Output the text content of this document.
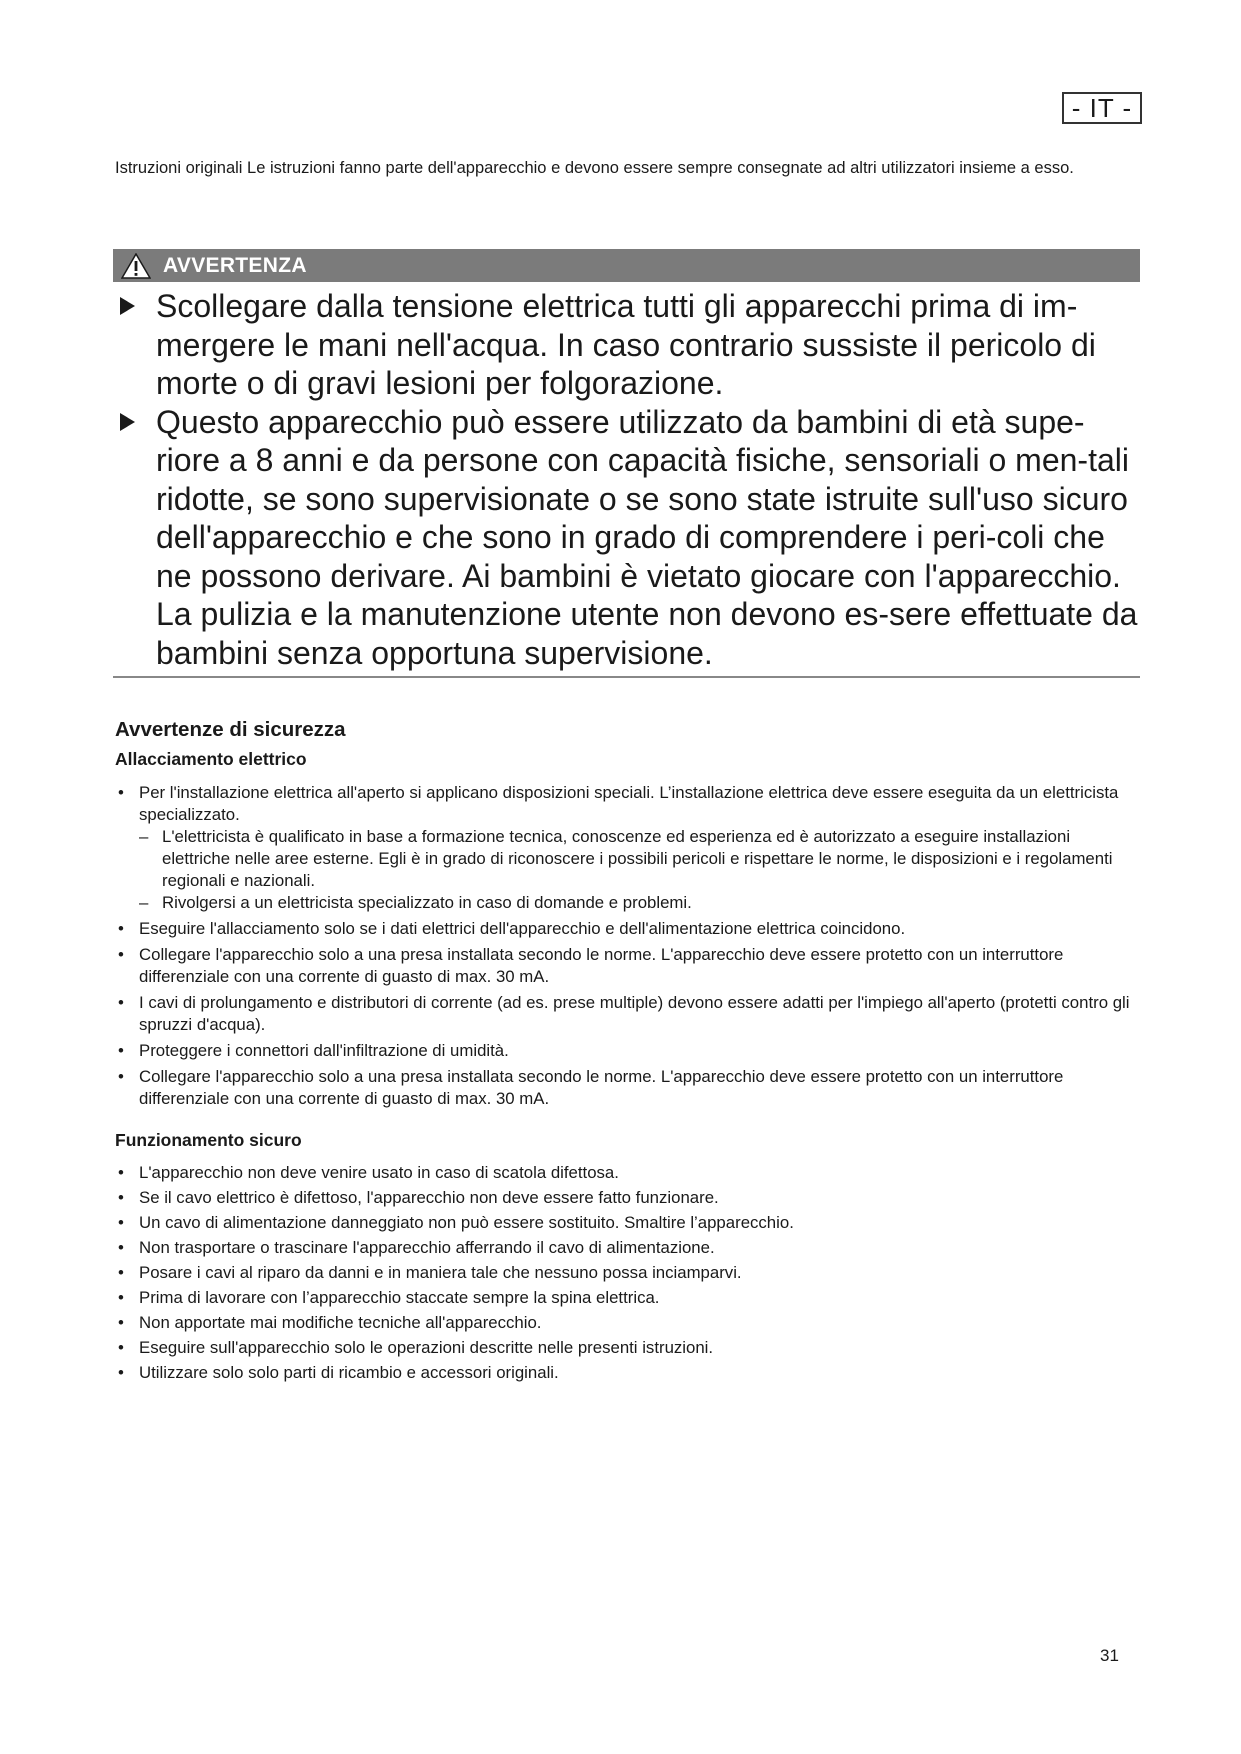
- IT -
Istruzioni originali Le istruzioni fanno parte dell'apparecchio e devono essere sempre consegnate ad altri utilizzatori insieme a esso.
AVVERTENZA
Scollegare dalla tensione elettrica tutti gli apparecchi prima di im-mergere le mani nell'acqua. In caso contrario sussiste il pericolo di morte o di gravi lesioni per folgorazione.
Questo apparecchio può essere utilizzato da bambini di età supe-riore a 8 anni e da persone con capacità fisiche, sensoriali o men-tali ridotte, se sono supervisionate o se sono state istruite sull'uso sicuro dell'apparecchio e che sono in grado di comprendere i peri-coli che ne possono derivare. Ai bambini è vietato giocare con l'apparecchio. La pulizia e la manutenzione utente non devono es-sere effettuate da bambini senza opportuna supervisione.
Avvertenze di sicurezza
Allacciamento elettrico
• Per l'installazione elettrica all'aperto si applicano disposizioni speciali. L’installazione elettrica deve essere eseguita da un elettricista specializzato.
– L'elettricista è qualificato in base a formazione tecnica, conoscenze ed esperienza ed è autorizzato a eseguire installazioni elettriche nelle aree esterne. Egli è in grado di riconoscere i possibili pericoli e rispettare le norme, le disposizioni e i regolamenti regionali e nazionali.
– Rivolgersi a un elettricista specializzato in caso di domande e problemi.
• Eseguire l'allacciamento solo se i dati elettrici dell'apparecchio e dell'alimentazione elettrica coincidono.
• Collegare l'apparecchio solo a una presa installata secondo le norme. L'apparecchio deve essere protetto con un interruttore differenziale con una corrente di guasto di max. 30 mA.
• I cavi di prolungamento e distributori di corrente (ad es. prese multiple) devono essere adatti per l'impiego all'aperto (protetti contro gli spruzzi d'acqua).
• Proteggere i connettori dall'infiltrazione di umidità.
• Collegare l'apparecchio solo a una presa installata secondo le norme. L'apparecchio deve essere protetto con un interruttore differenziale con una corrente di guasto di max. 30 mA.
Funzionamento sicuro
• L'apparecchio non deve venire usato in caso di scatola difettosa.
• Se il cavo elettrico è difettoso, l'apparecchio non deve essere fatto funzionare.
• Un cavo di alimentazione danneggiato non può essere sostituito. Smaltire l’apparecchio.
• Non trasportare o trascinare l'apparecchio afferrando il cavo di alimentazione.
• Posare i cavi al riparo da danni e in maniera tale che nessuno possa inciamparvi.
• Prima di lavorare con l’apparecchio staccate sempre la spina elettrica.
• Non apportate mai modifiche tecniche all'apparecchio.
• Eseguire sull'apparecchio solo le operazioni descritte nelle presenti istruzioni.
• Utilizzare solo solo parti di ricambio e accessori originali.
31
